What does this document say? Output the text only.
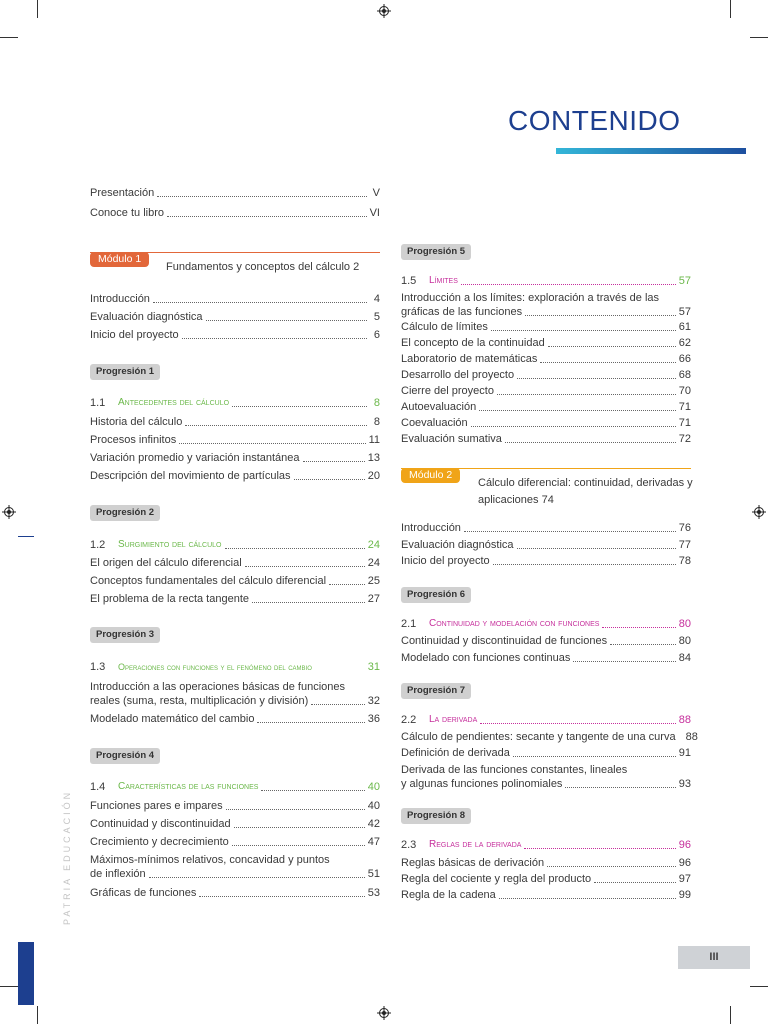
CONTENIDO
Presentación	V
Conoce tu libro	VI
Módulo 1
Fundamentos y conceptos del cálculo 2
Introducción	4
Evaluación diagnóstica	5
Inicio del proyecto	6
Progresión 1
1.1	Antecedentes del cálculo	8
Historia del cálculo	8
Procesos infinitos	11
Variación promedio y variación instantánea	13
Descripción del movimiento de partículas	20
Progresión 2
1.2	Surgimiento del cálculo	24
El origen del cálculo diferencial	24
Conceptos fundamentales del cálculo diferencial	25
El problema de la recta tangente	27
Progresión 3
1.3	Operaciones con funciones y el fenómeno del cambio	31
Introducción a las operaciones básicas de funciones
reales (suma, resta, multiplicación y división)	32
Modelado matemático del cambio	36
Progresión 4
1.4	Características de las funciones	40
Funciones pares e impares	40
Continuidad y discontinuidad	42
Crecimiento y decrecimiento	47
Máximos-mínimos relativos, concavidad y puntos
de inflexión	51
Gráficas de funciones	53
Progresión 5
1.5	Límites	57
Introducción a los límites: exploración a través de las
gráficas de las funciones	57
Cálculo de límites	61
El concepto de la continuidad	62
Laboratorio de matemáticas	66
Desarrollo del proyecto	68
Cierre del proyecto	70
Autoevaluación	71
Coevaluación	71
Evaluación sumativa	72
Módulo 2
Cálculo diferencial: continuidad, derivadas y
aplicaciones 74
Introducción	76
Evaluación diagnóstica	77
Inicio del proyecto	78
Progresión 6
2.1	Continuidad y modelación con funciones	80
Continuidad y discontinuidad de funciones	80
Modelado con funciones continuas	84
Progresión 7
2.2	La derivada	88
Cálculo de pendientes: secante y tangente de una curva 88
Definición de derivada	91
Derivada de las funciones constantes, lineales
y algunas funciones polinomiales	93
Progresión 8
2.3	Reglas de la derivada	96
Reglas básicas de derivación	96
Regla del cociente y regla del producto	97
Regla de la cadena	99
PATRIA EDUCACIÓN
III
